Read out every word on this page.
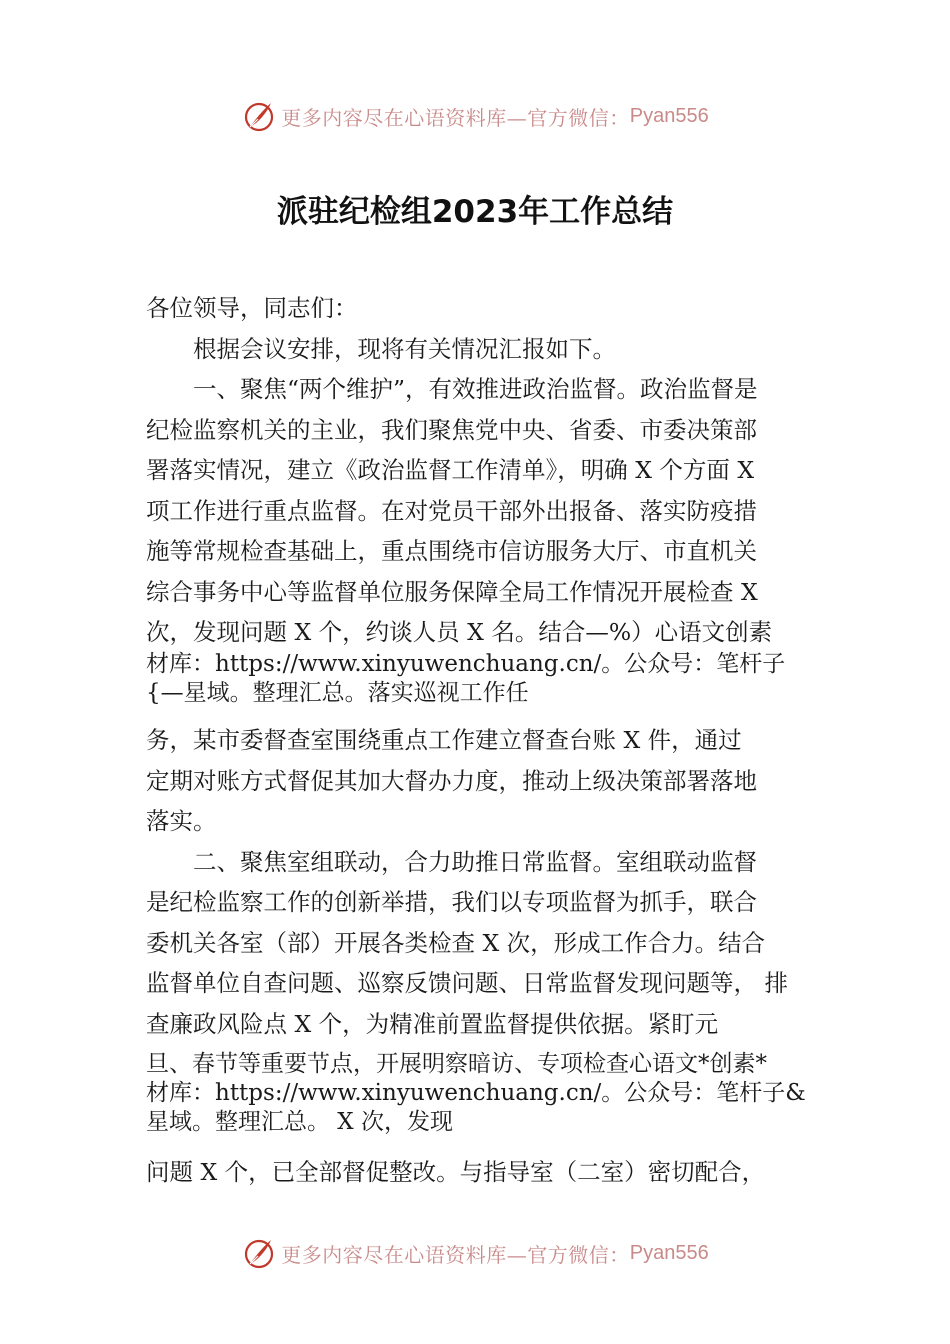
更多内容尽在心语资料库—官方微信： Pyan556
派驻纪检组2023年工作总结
各位领导，同志们：
　　根据会议安排，现将有关情况汇报如下。
　　一、聚焦“两个维护”，有效推进政治监督。政治监督是
纪检监察机关的主业，我们聚焦党中央、省委、市委决策部
署落实情况，建立《政治监督工作清单》，明确 X 个方面 X
项工作进行重点监督。在对党员干部外出报备、落实防疫措
施等常规检查基础上，重点围绕市信访服务大厅、市直机关
综合事务中心等监督单位服务保障全局工作情况开展检查 X
次，发现问题 X 个，约谈人员 X 名。结合—%）心语文创素
材库：https://www.xinyuwenchuang.cn/。公众号：笔杆子
{—星域。整理汇总。落实巡视工作任
务，某市委督查室围绕重点工作建立督查台账 X 件，通过
定期对账方式督促其加大督办力度，推动上级决策部署落地
落实。
　　二、聚焦室组联动，合力助推日常监督。室组联动监督
是纪检监察工作的创新举措，我们以专项监督为抓手，联合
委机关各室（部）开展各类检查 X 次，形成工作合力。结合
监督单位自查问题、巡察反馈问题、日常监督发现问题等， 排
查廉政风险点 X 个，为精准前置监督提供依据。紧盯元
旦、春节等重要节点，开展明察暗访、专项检查心语文*创素*
材库：https://www.xinyuwenchuang.cn/。公众号：笔杆子&
星域。整理汇总。 X 次，发现
问题 X 个，已全部督促整改。与指导室（二室）密切配合，
更多内容尽在心语资料库—官方微信： Pyan556
